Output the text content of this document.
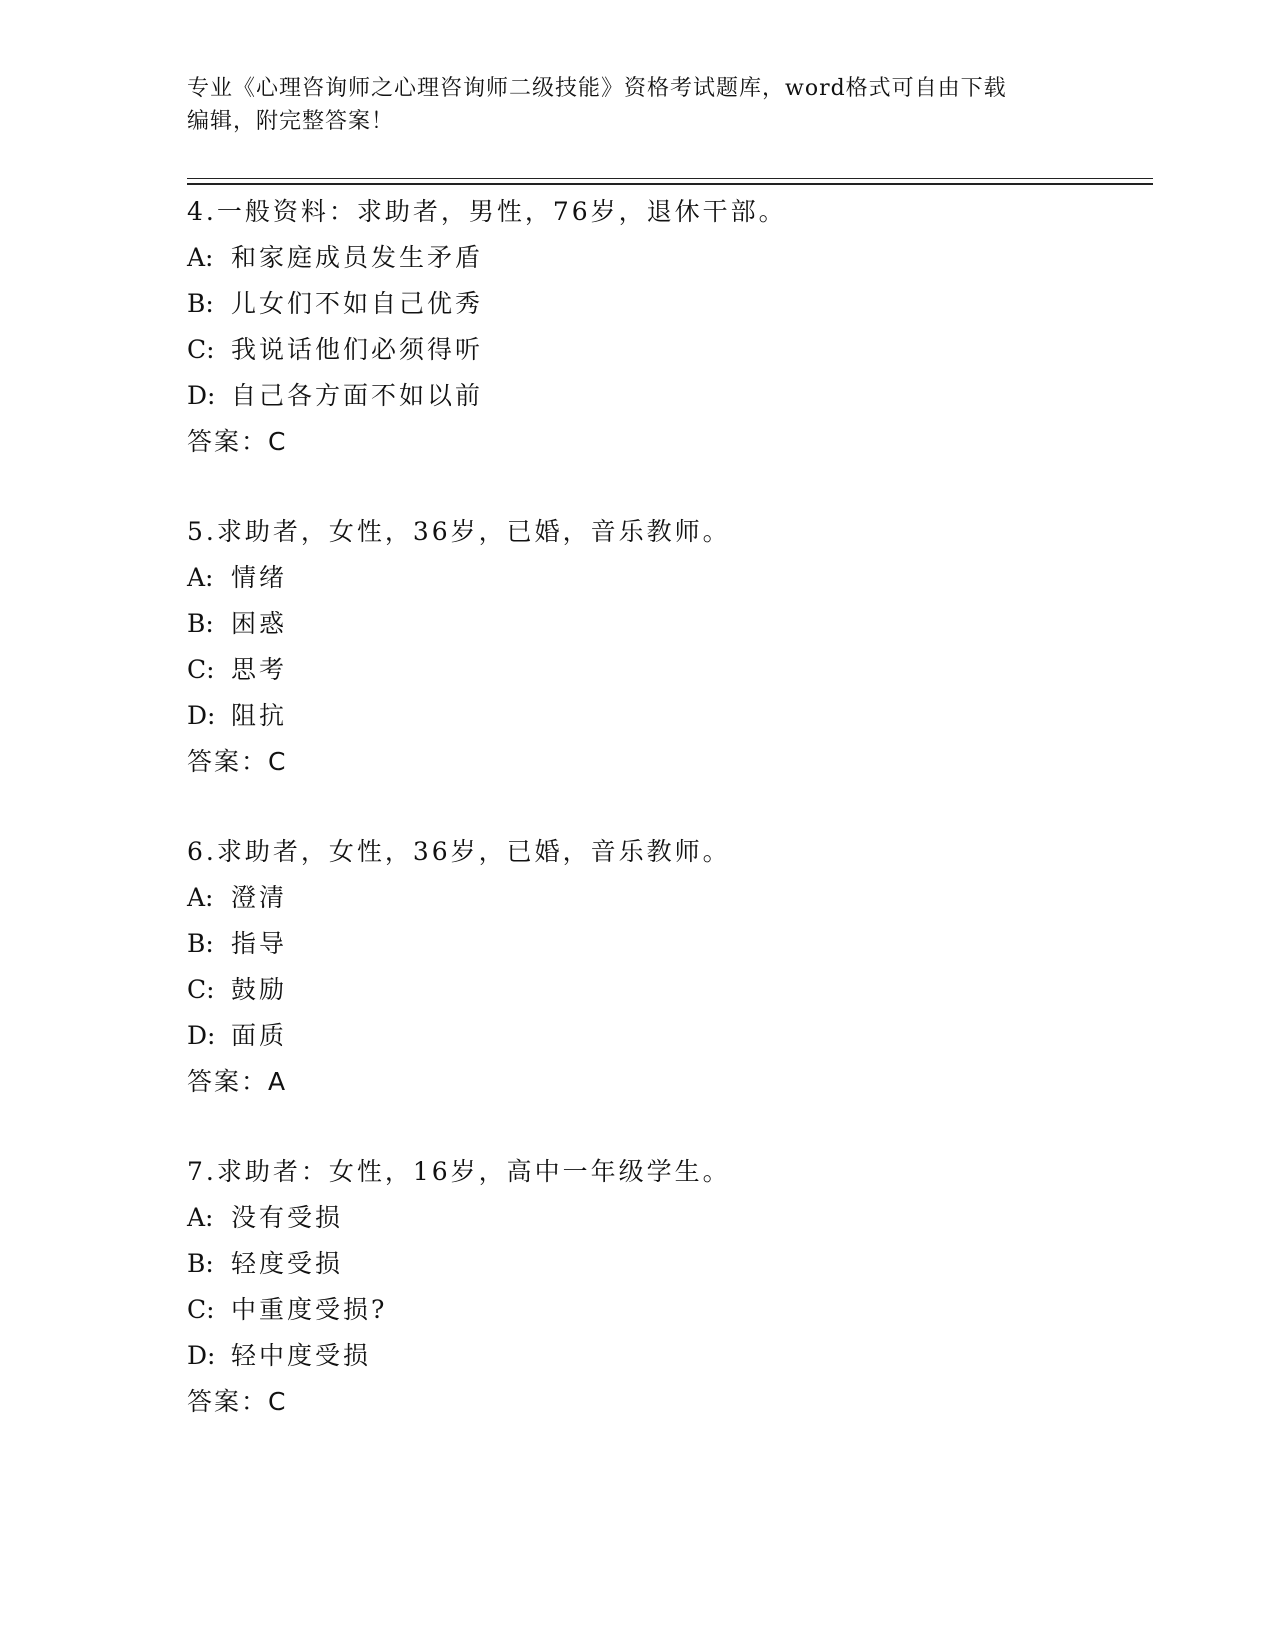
专业《心理咨询师之心理咨询师二级技能》资格考试题库，word格式可自由下载
编辑，附完整答案！
4.一般资料：求助者，男性，76岁，退休干部。
A: 和家庭成员发生矛盾
B: 儿女们不如自己优秀
C: 我说话他们必须得听
D: 自己各方面不如以前
答案：C
5.求助者，女性，36岁，已婚，音乐教师。
A: 情绪
B: 困惑
C: 思考
D: 阻抗
答案：C
6.求助者，女性，36岁，已婚，音乐教师。
A: 澄清
B: 指导
C: 鼓励
D: 面质
答案：A
7.求助者：女性，16岁，高中一年级学生。
A: 没有受损
B: 轻度受损
C: 中重度受损?
D: 轻中度受损
答案：C
